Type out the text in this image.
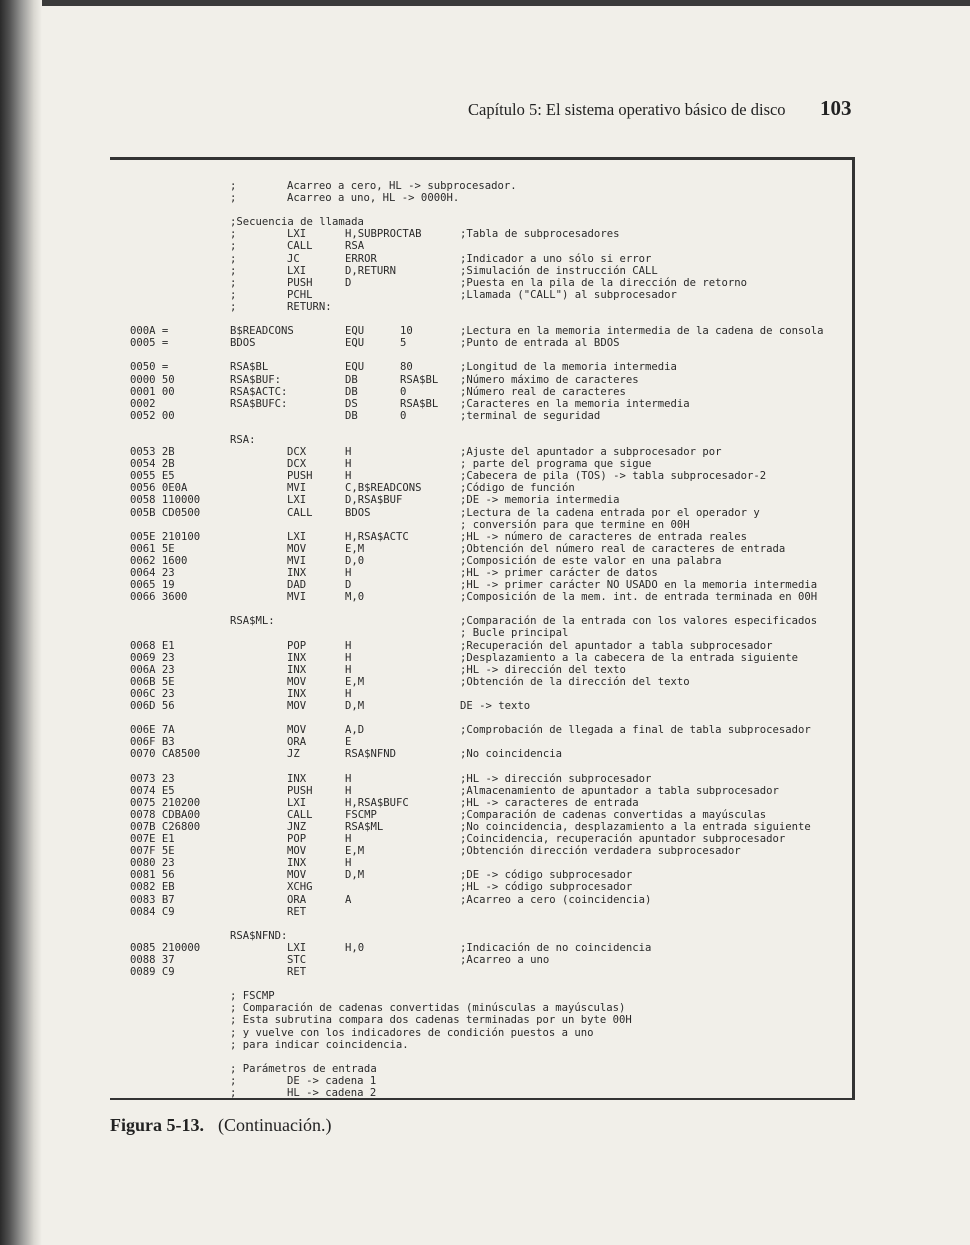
Capítulo 5: El sistema operativo básico de disco 103
;	Acarreo a cero, HL -> subprocesador.
;	Acarreo a uno, HL -> 0000H.
;Secuencia de llamada
;	LXI	H,SUBPROCTAB	;Tabla de subprocesadores
;	CALL	RSA
;	JC	ERROR	;Indicador a uno sólo si error
;	LXI	D,RETURN	;Simulación de instrucción CALL
;	PUSH	D	;Puesta en la pila de la dirección de retorno
;	PCHL	;Llamada ("CALL") al subprocesador
;	RETURN:
000A =	B$READCONS	EQU	10	;Lectura en la memoria intermedia de la cadena de consola
0005 =	BDOS	EQU	5	;Punto de entrada al BDOS
0050 =	RSA$BL	EQU	80	;Longitud de la memoria intermedia
0000 50	RSA$BUF:	DB	RSA$BL ;Número máximo de caracteres
0001 00	RSA$ACTC:	DB	0	;Número real de caracteres
0002	RSA$BUFC:	DS	RSA$BL ;Caracteres en la memoria intermedia
0052 00	DB	0	;terminal de seguridad
RSA:
0053 2B	DCX	H	;Ajuste del apuntador a subprocesador por
0054 2B	DCX	H	; parte del programa que sigue
0055 E5	PUSH	H	;Cabecera de pila (TOS) -> tabla subprocesador-2
0056 0E0A	MVI	C,B$READCONS	;Código de función
0058 110000	LXI	D,RSA$BUF	;DE -> memoria intermedia
005B CD0500	CALL	BDOS	;Lectura de la cadena entrada por el operador y
; conversión para que termine en 00H
005E 210100	LXI	H,RSA$ACTC	;HL -> número de caracteres de entrada reales
0061 5E	MOV	E,M	;Obtención del número real de caracteres de entrada
0062 1600	MVI	D,0	;Composición de este valor en una palabra
0064 23	INX	H	;HL -> primer carácter de datos
0065 19	DAD	D	;HL -> primer carácter NO USADO en la memoria intermedia
0066 3600	MVI	M,0	;Composición de la mem. int. de entrada terminada en 00H
RSA$ML:	;Comparación de la entrada con los valores especificados
; Bucle principal
0068 E1	POP	H	;Recuperación del apuntador a tabla subprocesador
0069 23	INX	H	;Desplazamiento a la cabecera de la entrada siguiente
006A 23	INX	H	;HL -> dirección del texto
006B 5E	MOV	E,M	;Obtención de la dirección del texto
006C 23	INX	H
006D 56	MOV	D,M	DE -> texto
006E 7A	MOV	A,D	;Comprobación de llegada a final de tabla subprocesador
006F B3	ORA	E
0070 CA8500	JZ	RSA$NFND	;No coincidencia
0073 23	INX	H	;HL -> dirección subprocesador
0074 E5	PUSH	H	;Almacenamiento de apuntador a tabla subprocesador
0075 210200	LXI	H,RSA$BUFC	;HL -> caracteres de entrada
0078 CDBA00	CALL	FSCMP	;Comparación de cadenas convertidas a mayúsculas
007B C26800	JNZ	RSA$ML	;No coincidencia, desplazamiento a la entrada siguiente
007E E1	POP	H	;Coincidencia, recuperación apuntador subprocesador
007F 5E	MOV	E,M	;Obtención dirección verdadera subprocesador
0080 23	INX	H
0081 56	MOV	D,M	;DE -> código subprocesador
0082 EB	XCHG	;HL -> código subprocesador
0083 B7	ORA	A	;Acarreo a cero (coincidencia)
0084 C9	RET
RSA$NFND:
0085 210000	LXI	H,0	;Indicación de no coincidencia
0088 37	STC	;Acarreo a uno
0089 C9	RET
; FSCMP
; Comparación de cadenas convertidas (minúsculas a mayúsculas)
; Esta subrutina compara dos cadenas terminadas por un byte 00H
; y vuelve con los indicadores de condición puestos a uno
; para indicar coincidencia.
; Parámetros de entrada
;	DE -> cadena 1
;	HL -> cadena 2
Figura 5-13. (Continuación.)
